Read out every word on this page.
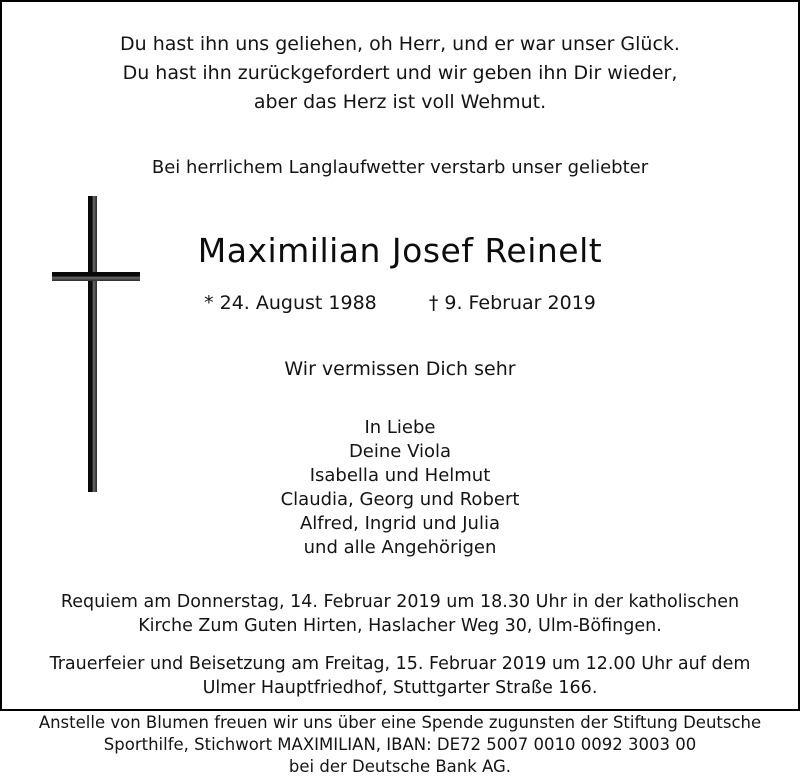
Du hast ihn uns geliehen, oh Herr, und er war unser Glück.
Du hast ihn zurückgefordert und wir geben ihn Dir wieder,
aber das Herz ist voll Wehmut.
Bei herrlichem Langlaufwetter verstarb unser geliebter
Maximilian Josef Reinelt
* 24. August 1988	† 9. Februar 2019
Wir vermissen Dich sehr
In Liebe
Deine Viola
Isabella und Helmut
Claudia, Georg und Robert
Alfred, Ingrid und Julia
und alle Angehörigen
Requiem am Donnerstag, 14. Februar 2019 um 18.30 Uhr in der katholischen
Kirche Zum Guten Hirten, Haslacher Weg 30, Ulm-Böfingen.
Trauerfeier und Beisetzung am Freitag, 15. Februar 2019 um 12.00 Uhr auf dem
Ulmer Hauptfriedhof, Stuttgarter Straße 166.
Anstelle von Blumen freuen wir uns über eine Spende zugunsten der Stiftung Deutsche
Sporthilfe, Stichwort MAXIMILIAN, IBAN: DE72 5007 0010 0092 3003 00
bei der Deutsche Bank AG.
